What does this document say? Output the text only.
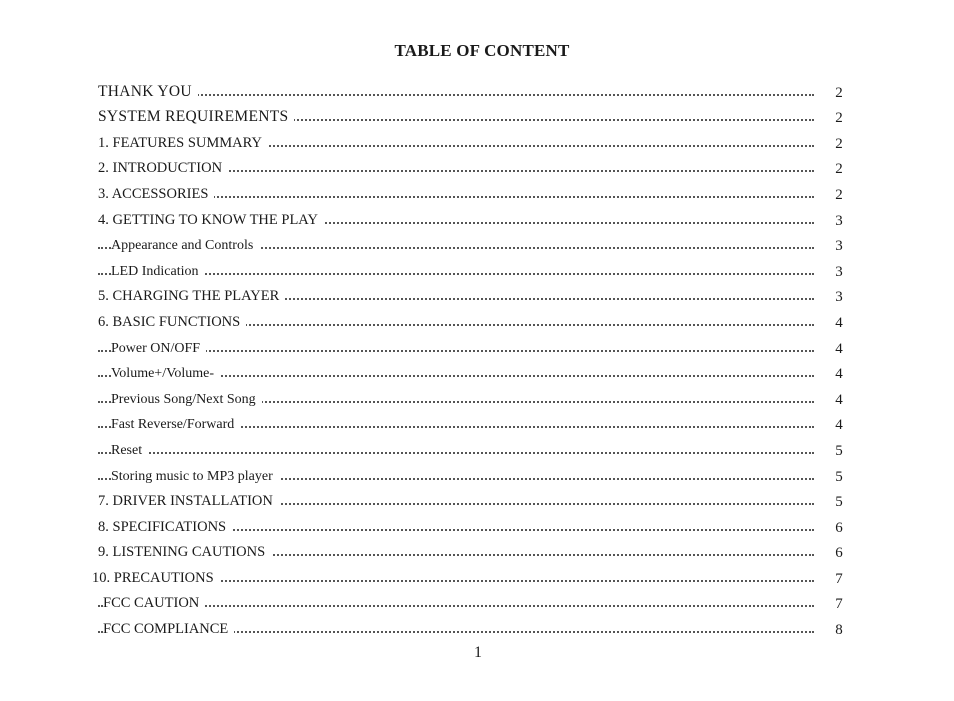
TABLE OF CONTENT
THANK YOU	2
SYSTEM REQUIREMENTS	2
1. FEATURES SUMMARY	2
2. INTRODUCTION	2
3. ACCESSORIES	2
4. GETTING TO KNOW THE PLAY	3
Appearance and Controls	3
LED Indication	3
5. CHARGING THE PLAYER	3
6. BASIC FUNCTIONS	4
Power ON/OFF	4
Volume+/Volume-	4
Previous Song/Next Song	4
Fast Reverse/Forward	4
Reset	5
Storing music to MP3 player	5
7. DRIVER INSTALLATION	5
8. SPECIFICATIONS	6
9. LISTENING CAUTIONS	6
10. PRECAUTIONS	7
FCC CAUTION	7
FCC COMPLIANCE	8
1
